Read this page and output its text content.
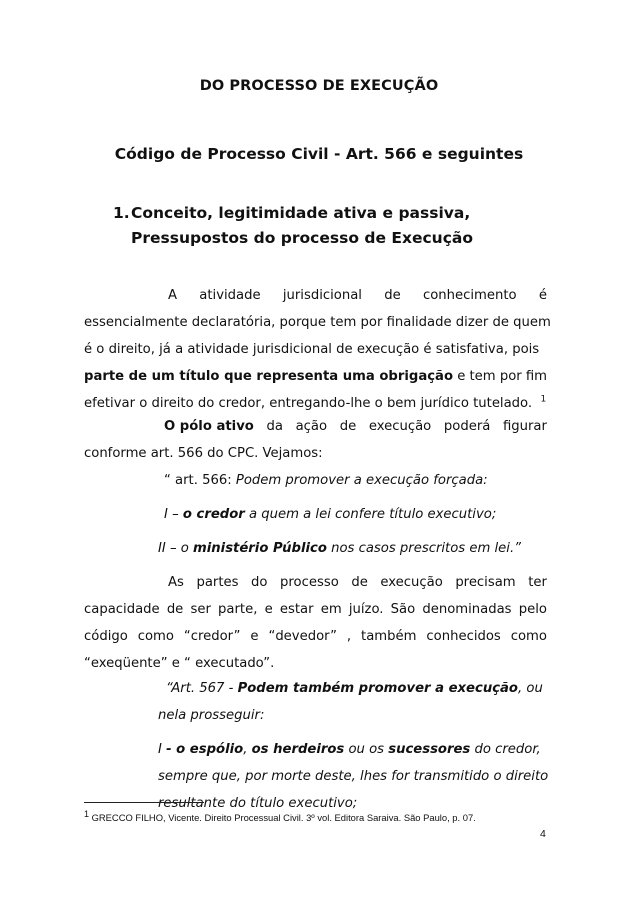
DO PROCESSO DE EXECUÇÃO
Código de Processo Civil - Art. 566 e seguintes
1. Conceito, legitimidade ativa e passiva,
Pressupostos do processo de Execução
A atividade jurisdicional de conhecimento é
essencialmente declaratória, porque tem por finalidade dizer de quem
é o direito, já a atividade jurisdicional de execução é satisfativa, pois
parte de um título que representa uma obrigação e tem por fim
efetivar o direito do credor, entregando-lhe o bem jurídico tutelado. $^1$
O pólo ativo da ação de execução poderá figurar
conforme art. 566 do CPC. Vejamos:
“ art. 566: Podem promover a execução forçada:
I – o credor a quem a lei confere título executivo;
II – o ministério Público nos casos prescritos em lei.”
As partes do processo de execução precisam ter
capacidade de ser parte, e estar em juízo. São denominadas pelo
código como “credor” e “devedor” , também conhecidos como
“exeqüente” e “ executado”.
“Art. 567 - Podem também promover a execução, ou
nela prosseguir:
I - o espólio, os herdeiros ou os sucessores do credor,
sempre que, por morte deste, lhes for transmitido o direito
resultante do título executivo;
$^1$ GRECCO FILHO, Vicente. Direito Processual Civil. 3º vol. Editora Saraiva. São Paulo, p. 07.
4
